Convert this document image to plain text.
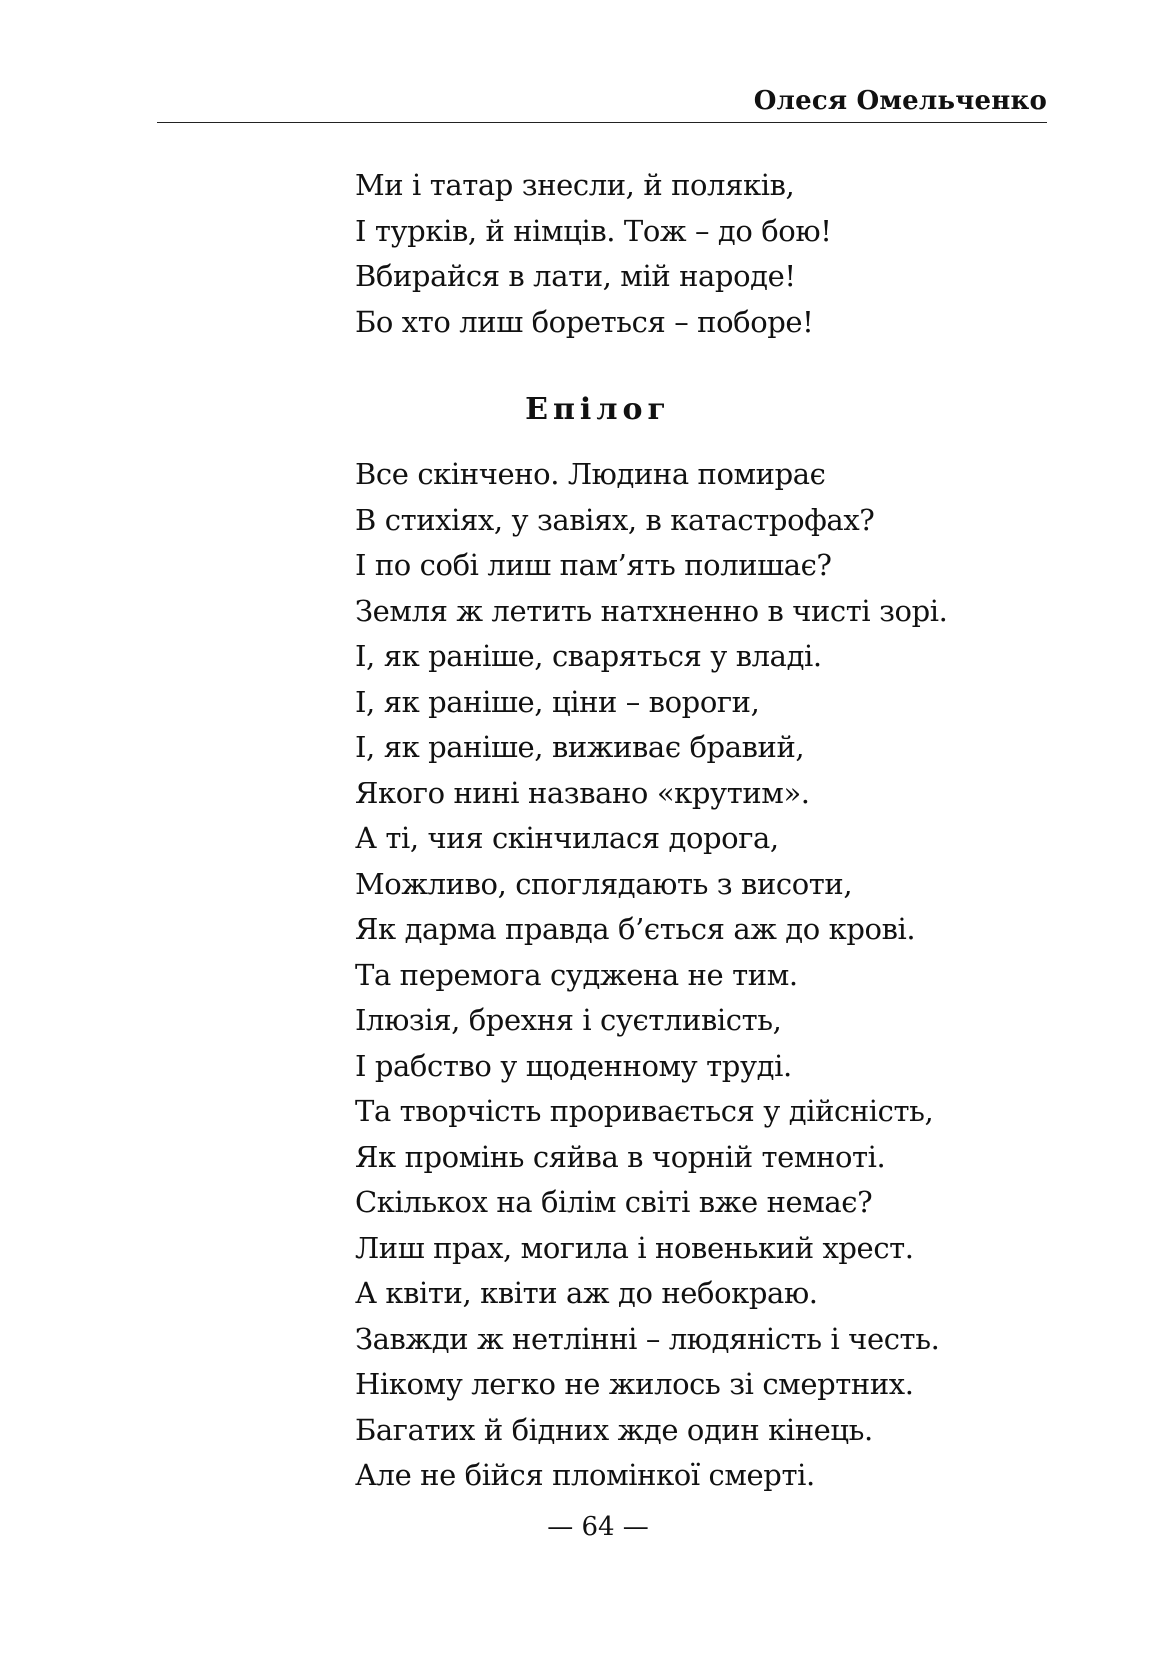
Олеся Омельченко
Ми і татар знесли, й поляків,
І турків, й німців. Тож – до бою!
Вбирайся в лати, мій народе!
Бо хто лиш бореться – поборе!
Епілог
Все скінчено. Людина помирає
В стихіях, у завіях, в катастрофах?
І по собі лиш пам’ять полишає?
Земля ж летить натхненно в чисті зорі.
І, як раніше, сваряться у владі.
І, як раніше, ціни – вороги,
І, як раніше, виживає бравий,
Якого нині названо «крутим».
А ті, чия скінчилася дорога,
Можливо, споглядають з висоти,
Як дарма правда б’ється аж до крові.
Та перемога суджена не тим.
Ілюзія, брехня і суєтливість,
І рабство у щоденному труді.
Та творчість проривається у дійсність,
Як промінь сяйва в чорній темноті.
Скількох на білім світі вже немає?
Лиш прах, могила і новенький хрест.
А квіти, квіти аж до небокраю.
Завжди ж нетлінні – людяність і честь.
Нікому легко не жилось зі смертних.
Багатих й бідних жде один кінець.
Але не бійся пломінкої смерті.
— 64 —
